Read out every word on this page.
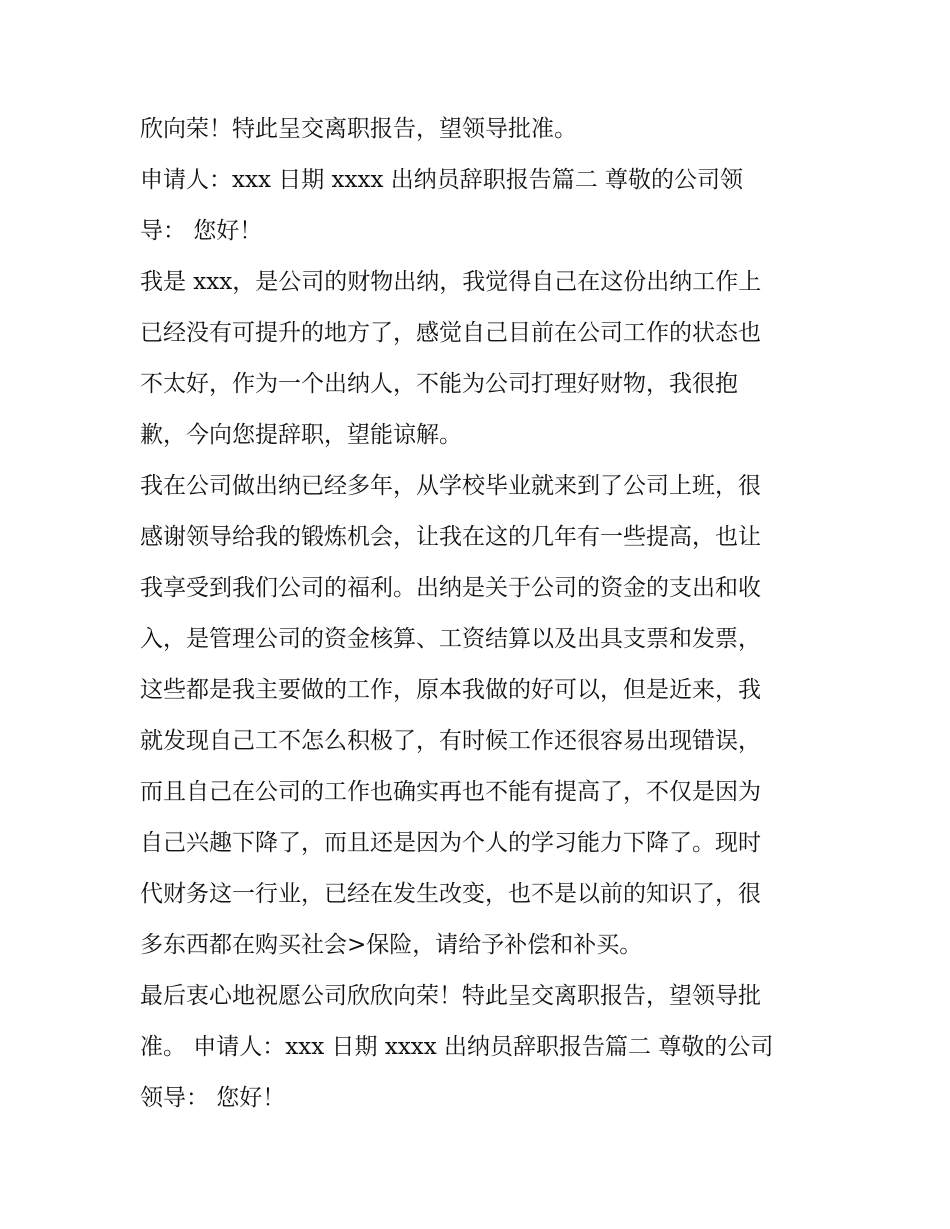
欣向荣！特此呈交离职报告，望领导批准。
申请人：xxx 日期 xxxx 出纳员辞职报告篇二 尊敬的公司领
导： 您好！
我是 xxx，是公司的财物出纳，我觉得自己在这份出纳工作上
已经没有可提升的地方了，感觉自己目前在公司工作的状态也
不太好，作为一个出纳人，不能为公司打理好财物，我很抱
歉，今向您提辞职，望能谅解。
我在公司做出纳已经多年，从学校毕业就来到了公司上班，很
感谢领导给我的锻炼机会，让我在这的几年有一些提高，也让
我享受到我们公司的福利。出纳是关于公司的资金的支出和收
入，是管理公司的资金核算、工资结算以及出具支票和发票，
这些都是我主要做的工作，原本我做的好可以，但是近来，我
就发现自己工不怎么积极了，有时候工作还很容易出现错误，
而且自己在公司的工作也确实再也不能有提高了，不仅是因为
自己兴趣下降了，而且还是因为个人的学习能力下降了。现时
代财务这一行业，已经在发生改变，也不是以前的知识了，很
多东西都在购买社会>保险，请给予补偿和补买。
最后衷心地祝愿公司欣欣向荣！特此呈交离职报告，望领导批
准。 申请人：xxx 日期 xxxx 出纳员辞职报告篇二 尊敬的公司
领导： 您好！
